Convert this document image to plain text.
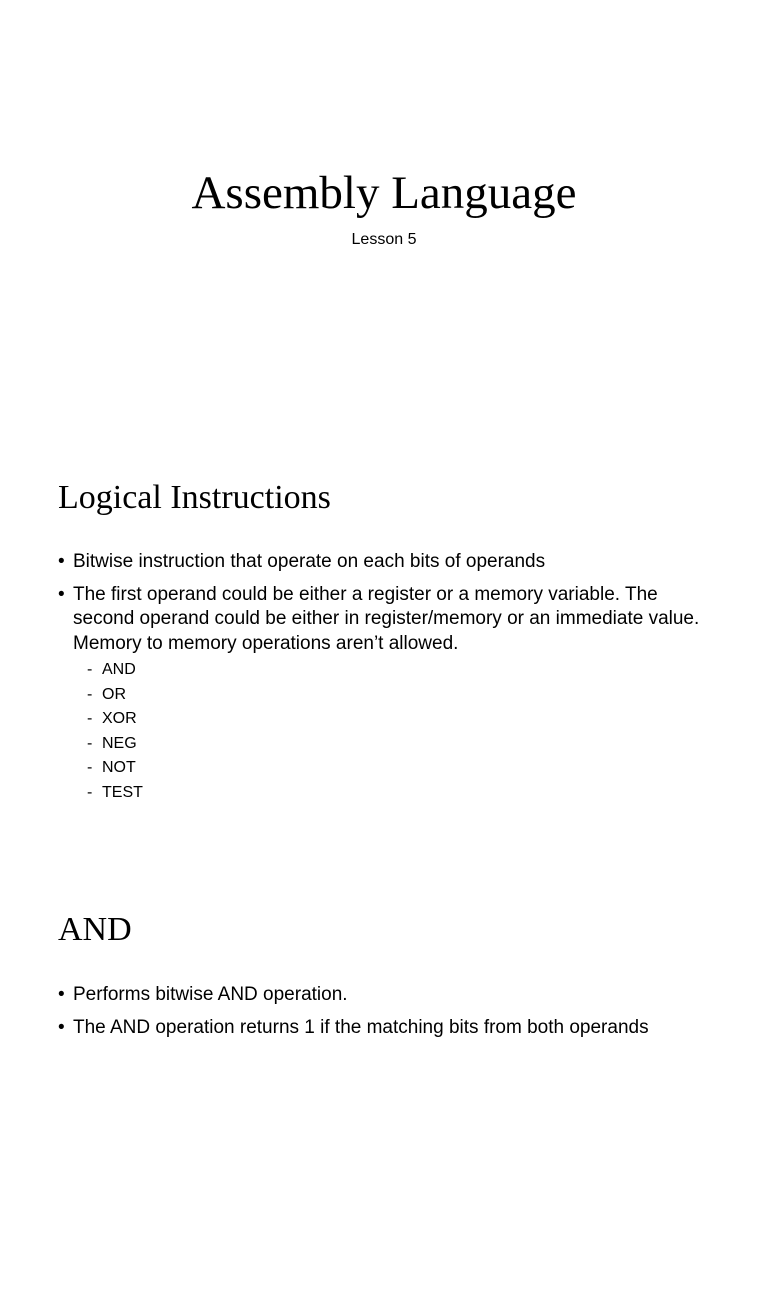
Assembly Language

Lesson 5

Logical Instructions
• Bitwise instruction that operate on each bits of operands
• The first operand could be either a register or a memory variable. The second operand could be either in register/memory or an immediate value. Memory to memory operations aren’t allowed.
- AND
- OR
- XOR
- NEG
- NOT
- TEST
AND
• Performs bitwise AND operation.
• The AND operation returns 1 if the matching bits from both operands
